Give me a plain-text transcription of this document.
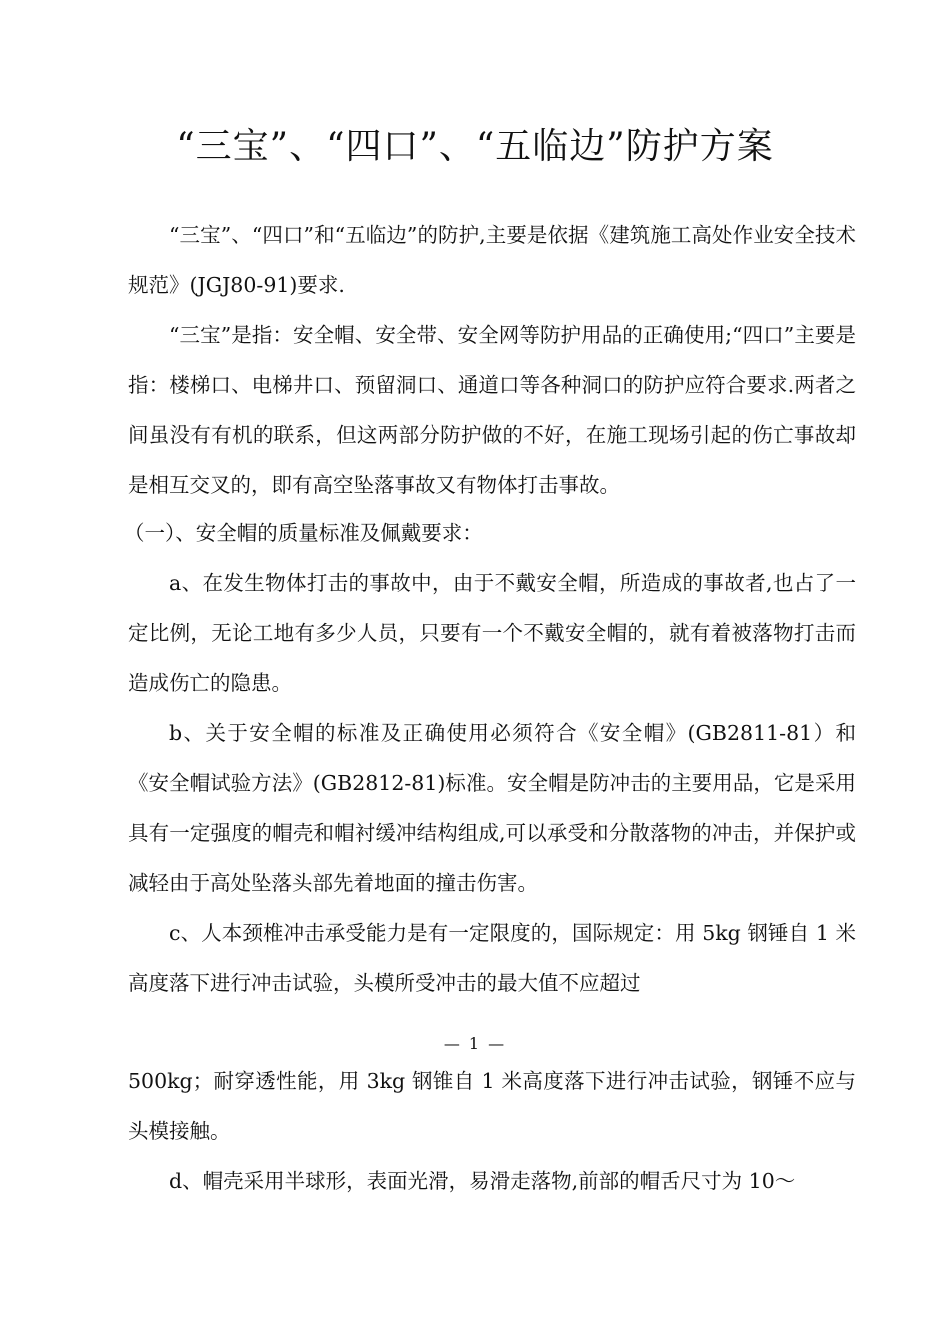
“三宝”、“四口”、“五临边”防护方案
“三宝”、“四口”和“五临边”的防护,主要是依据《建筑施工高处作业安全技术规范》(JGJ80-91)要求.
“三宝”是指：安全帽、安全带、安全网等防护用品的正确使用;“四口”主要是指：楼梯口、电梯井口、预留洞口、通道口等各种洞口的防护应符合要求.两者之间虽没有有机的联系，但这两部分防护做的不好，在施工现场引起的伤亡事故却是相互交叉的，即有高空坠落事故又有物体打击事故。
（一）、安全帽的质量标准及佩戴要求：
a、在发生物体打击的事故中，由于不戴安全帽，所造成的事故者,也占了一定比例，无论工地有多少人员，只要有一个不戴安全帽的，就有着被落物打击而造成伤亡的隐患。
b、关于安全帽的标准及正确使用必须符合《安全帽》(GB2811-81）和《安全帽试验方法》(GB2812-81)标准。安全帽是防冲击的主要用品，它是采用具有一定强度的帽壳和帽衬缓冲结构组成,可以承受和分散落物的冲击，并保护或减轻由于高处坠落头部先着地面的撞击伤害。
c、人本颈椎冲击承受能力是有一定限度的，国际规定：用 5kg 钢锤自 1 米高度落下进行冲击试验，头模所受冲击的最大值不应超过
— 1 —
500kg；耐穿透性能，用 3kg 钢锥自 1 米高度落下进行冲击试验，钢锤不应与头模接触。
d、帽壳采用半球形，表面光滑，易滑走落物,前部的帽舌尺寸为 10～
